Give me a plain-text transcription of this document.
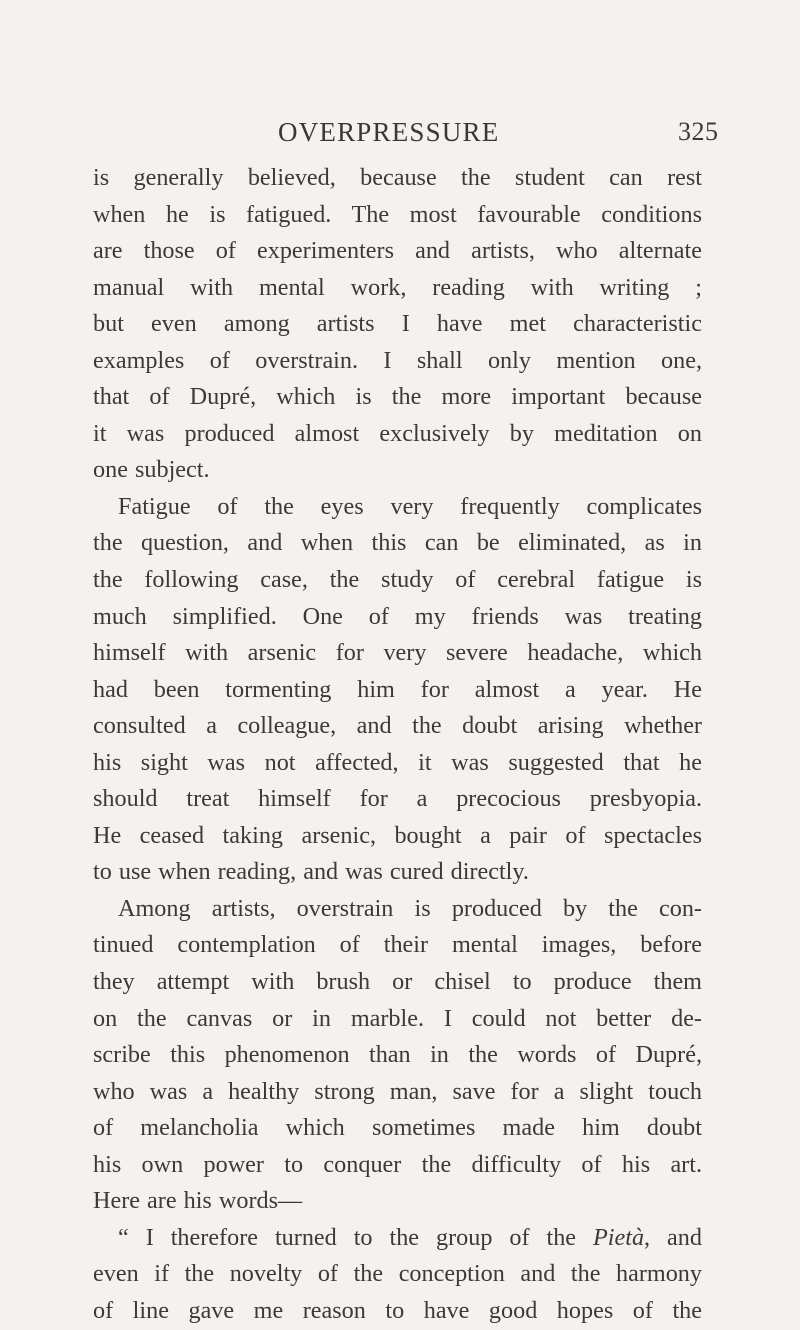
OVERPRESSURE	325
is generally believed, because the student can rest
when he is fatigued. The most favourable conditions
are those of experimenters and artists, who alternate
manual with mental work, reading with writing ;
but even among artists I have met characteristic
examples of overstrain. I shall only mention one,
that of Dupré, which is the more important because
it was produced almost exclusively by meditation on
one subject.
Fatigue of the eyes very frequently complicates
the question, and when this can be eliminated, as in
the following case, the study of cerebral fatigue is
much simplified. One of my friends was treating
himself with arsenic for very severe headache, which
had been tormenting him for almost a year. He
consulted a colleague, and the doubt arising whether
his sight was not affected, it was suggested that he
should treat himself for a precocious presbyopia.
He ceased taking arsenic, bought a pair of spectacles
to use when reading, and was cured directly.
Among artists, overstrain is produced by the con-
tinued contemplation of their mental images, before
they attempt with brush or chisel to produce them
on the canvas or in marble. I could not better de-
scribe this phenomenon than in the words of Dupré,
who was a healthy strong man, save for a slight touch
of melancholia which sometimes made him doubt
his own power to conquer the difficulty of his art.
Here are his words—
“ I therefore turned to the group of the Pietà, and
even if the novelty of the conception and the harmony
of line gave me reason to have good hopes of the
